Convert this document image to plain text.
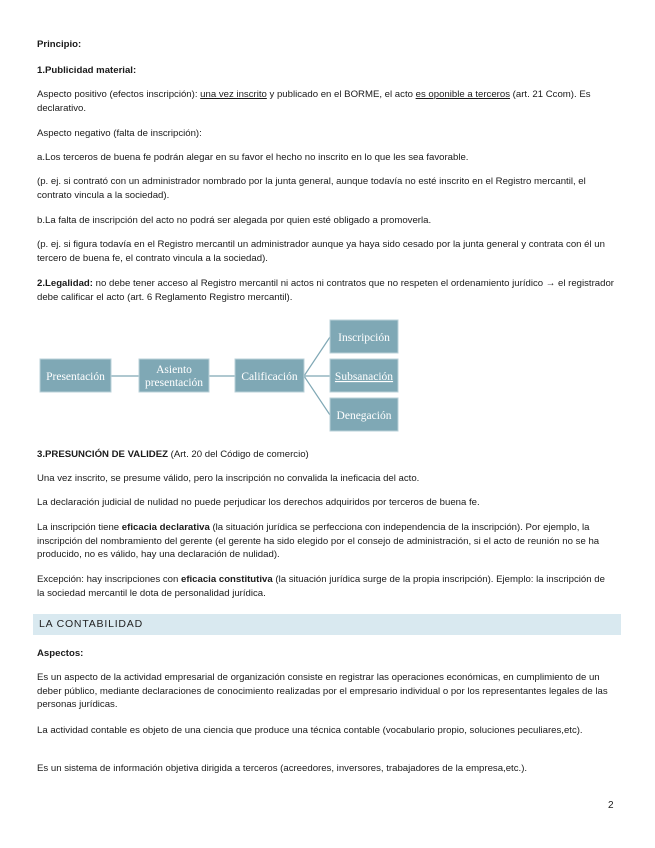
Principio:

1.Publicidad material:

Aspecto positivo (efectos inscripción): una vez inscrito y publicado en el BORME, el acto es oponible a terceros (art. 21 Ccom). Es declarativo.

Aspecto negativo (falta de inscripción):

a.Los terceros de buena fe podrán alegar en su favor el hecho no inscrito en lo que les sea favorable.

(p. ej. si contrató con un administrador nombrado por la junta general, aunque todavía no esté inscrito en el Registro mercantil, el contrato vincula a la sociedad).

b.La falta de inscripción del acto no podrá ser alegada por quien esté obligado a promoverla.

(p. ej. si figura todavía en el Registro mercantil un administrador aunque ya haya sido cesado por la junta general y contrata con él un tercero de buena fe, el contrato vincula a la sociedad).

2.Legalidad: no debe tener acceso al Registro mercantil ni actos ni contratos que no respeten el ordenamiento jurídico → el registrador debe calificar el acto (art. 6 Reglamento Registro mercantil).

Presentación
Asiento
presentación	Calificación
Inscripción
Subsanación
Denegación

3.PRESUNCIÓN DE VALIDEZ (Art. 20 del Código de comercio)

Una vez inscrito, se presume válido, pero la inscripción no convalida la ineficacia del acto.

La declaración judicial de nulidad no puede perjudicar los derechos adquiridos por terceros de buena fe.

La inscripción tiene eficacia declarativa (la situación jurídica se perfecciona con independencia de la inscripción). Por ejemplo, la inscripción del nombramiento del gerente (el gerente ha sido elegido por el consejo de administración, si el acto de reunión no se ha producido, no es válido, hay una declaración de nulidad).

Excepción: hay inscripciones con eficacia constitutiva (la situación jurídica surge de la propia inscripción). Ejemplo: la inscripción de la sociedad mercantil le dota de personalidad jurídica.

LA CONTABILIDAD

Aspectos:

Es un aspecto de la actividad empresarial de organización consiste en registrar las operaciones económicas, en cumplimiento de un deber público, mediante declaraciones de conocimiento realizadas por el empresario individual o por los representantes legales de las personas jurídicas.

La actividad contable es objeto de una ciencia que produce una técnica contable (vocabulario propio, soluciones peculiares,etc).

Es un sistema de información objetiva dirigida a terceros (acreedores, inversores, trabajadores de la empresa,etc.).

2
